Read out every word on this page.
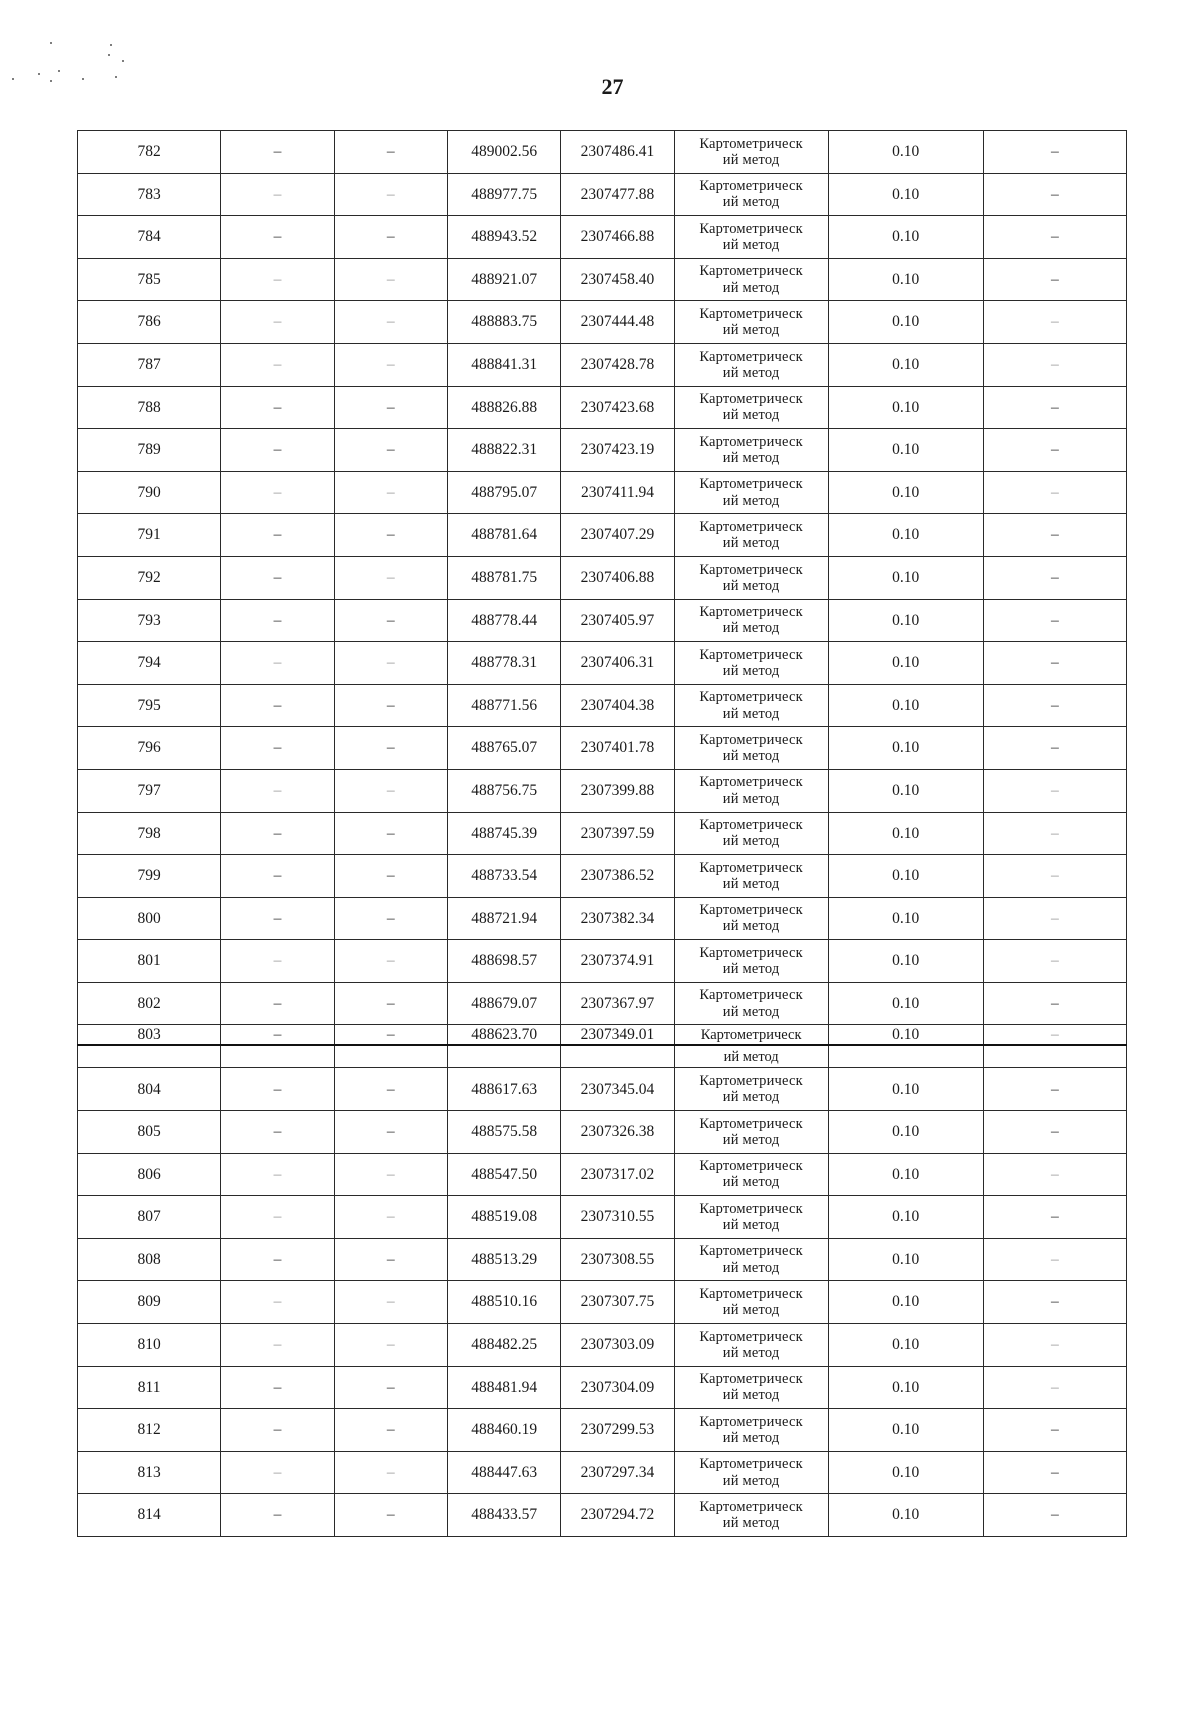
27
782	–	–	489002.56	2307486.41	Картометрическ
ий метод	0.10	–
783	–	–	488977.75	2307477.88	Картометрическ
ий метод	0.10	–
784	–	–	488943.52	2307466.88	Картометрическ
ий метод	0.10	–
785	–	–	488921.07	2307458.40	Картометрическ
ий метод	0.10	–
786	–	–	488883.75	2307444.48	Картометрическ
ий метод	0.10	–
787	–	–	488841.31	2307428.78	Картометрическ
ий метод	0.10	–
788	–	–	488826.88	2307423.68	Картометрическ
ий метод	0.10	–
789	–	–	488822.31	2307423.19	Картометрическ
ий метод	0.10	–
790	–	–	488795.07	2307411.94	Картометрическ
ий метод	0.10	–
791	–	–	488781.64	2307407.29	Картометрическ
ий метод	0.10	–
792	–	–	488781.75	2307406.88	Картометрическ
ий метод	0.10	–
793	–	–	488778.44	2307405.97	Картометрическ
ий метод	0.10	–
794	–	–	488778.31	2307406.31	Картометрическ
ий метод	0.10	–
795	–	–	488771.56	2307404.38	Картометрическ
ий метод	0.10	–
796	–	–	488765.07	2307401.78	Картометрическ
ий метод	0.10	–
797	–	–	488756.75	2307399.88	Картометрическ
ий метод	0.10	–
798	–	–	488745.39	2307397.59	Картометрическ
ий метод	0.10	–
799	–	–	488733.54	2307386.52	Картометрическ
ий метод	0.10	–
800	–	–	488721.94	2307382.34	Картометрическ
ий метод	0.10	–
801	–	–	488698.57	2307374.91	Картометрическ
ий метод	0.10	–
802	–	–	488679.07	2307367.97	Картометрическ
ий метод	0.10	–
803	–	–	488623.70	2307349.01	Картометрическ	0.10	–
					ий метод		
804	–	–	488617.63	2307345.04	Картометрическ
ий метод	0.10	–
805	–	–	488575.58	2307326.38	Картометрическ
ий метод	0.10	–
806	–	–	488547.50	2307317.02	Картометрическ
ий метод	0.10	–
807	–	–	488519.08	2307310.55	Картометрическ
ий метод	0.10	–
808	–	–	488513.29	2307308.55	Картометрическ
ий метод	0.10	–
809	–	–	488510.16	2307307.75	Картометрическ
ий метод	0.10	–
810	–	–	488482.25	2307303.09	Картометрическ
ий метод	0.10	–
811	–	–	488481.94	2307304.09	Картометрическ
ий метод	0.10	–
812	–	–	488460.19	2307299.53	Картометрическ
ий метод	0.10	–
813	–	–	488447.63	2307297.34	Картометрическ
ий метод	0.10	–
814	–	–	488433.57	2307294.72	Картометрическ
ий метод	0.10	–
